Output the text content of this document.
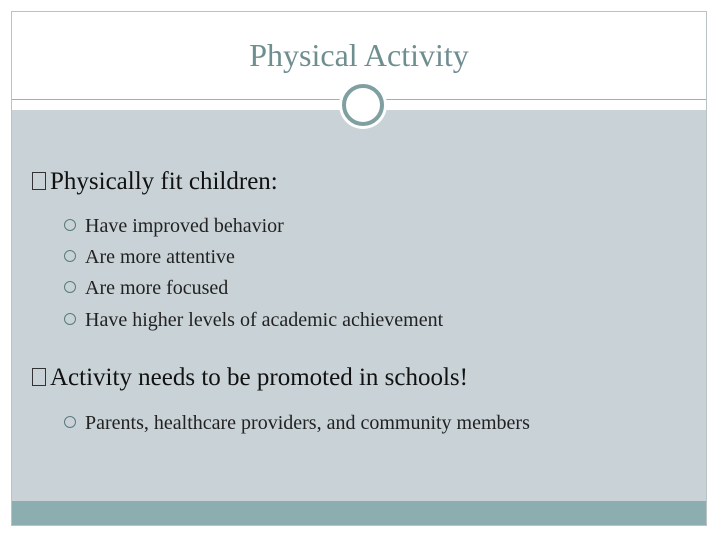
Physical Activity
Physically fit children:
Have improved behavior
Are more attentive
Are more focused
Have higher levels of academic achievement
Activity needs to be promoted in schools!
Parents, healthcare providers, and community members
